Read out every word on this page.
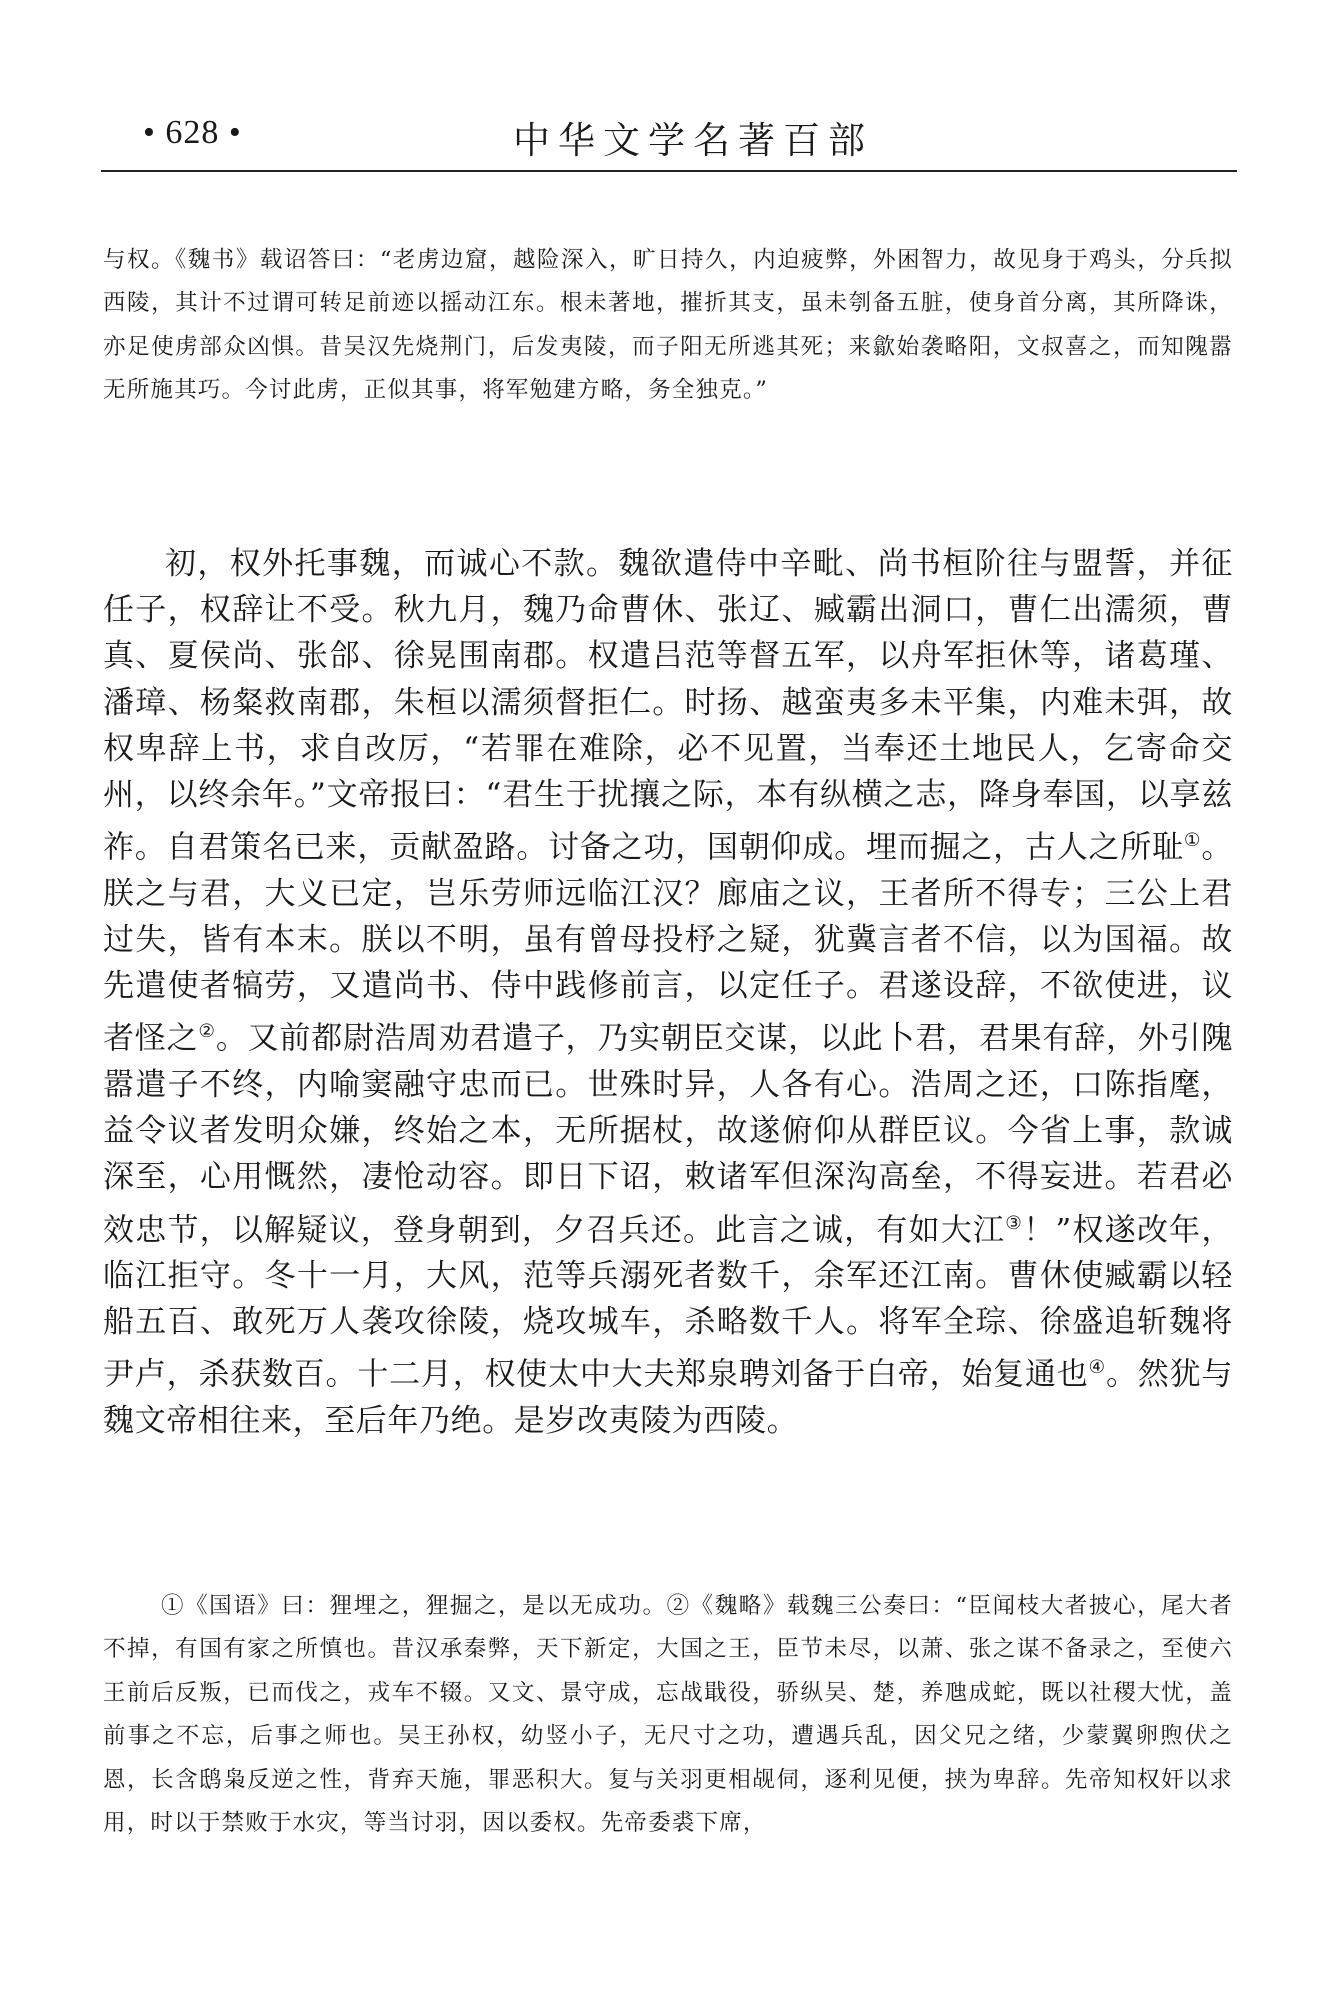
• 628 •	中华文学名著百部

与权。《魏书》载诏答曰：“老虏边窟，越险深入，旷日持久，内迫疲弊，外困智力，故见身于鸡头，分兵拟西陵，其计不过谓可转足前迹以摇动江东。根未著地，摧折其支，虽未刳备五脏，使身首分离，其所降诛，亦足使虏部众凶惧。昔吴汉先烧荆门，后发夷陵，而子阳无所逃其死；来歙始袭略阳，文叔喜之，而知隗嚣无所施其巧。今讨此虏，正似其事，将军勉建方略，务全独克。”

初，权外托事魏，而诚心不款。魏欲遣侍中辛毗、尚书桓阶往与盟誓，并征任子，权辞让不受。秋九月，魏乃命曹休、张辽、臧霸出洞口，曹仁出濡须，曹真、夏侯尚、张郃、徐晃围南郡。权遣吕范等督五军，以舟军拒休等，诸葛瑾、潘璋、杨粲救南郡，朱桓以濡须督拒仁。时扬、越蛮夷多未平集，内难未弭，故权卑辞上书，求自改厉，“若罪在难除，必不见置，当奉还土地民人，乞寄命交州，以终余年。”文帝报曰：“君生于扰攘之际，本有纵横之志，降身奉国，以享兹祚。自君策名已来，贡献盈路。讨备之功，国朝仰成。埋而掘之，古人之所耻①。朕之与君，大义已定，岂乐劳师远临江汉？廊庙之议，王者所不得专；三公上君过失，皆有本末。朕以不明，虽有曾母投杼之疑，犹冀言者不信，以为国福。故先遣使者犒劳，又遣尚书、侍中践修前言，以定任子。君遂设辞，不欲使进，议者怪之②。又前都尉浩周劝君遣子，乃实朝臣交谋，以此卜君，君果有辞，外引隗嚣遣子不终，内喻窦融守忠而已。世殊时异，人各有心。浩周之还，口陈指麾，益令议者发明众嫌，终始之本，无所据杖，故遂俯仰从群臣议。今省上事，款诚深至，心用慨然，凄怆动容。即日下诏，敕诸军但深沟高垒，不得妄进。若君必效忠节，以解疑议，登身朝到，夕召兵还。此言之诚，有如大江③！”权遂改年，临江拒守。冬十一月，大风，范等兵溺死者数千，余军还江南。曹休使臧霸以轻船五百、敢死万人袭攻徐陵，烧攻城车，杀略数千人。将军全琮、徐盛追斩魏将尹卢，杀获数百。十二月，权使太中大夫郑泉聘刘备于白帝，始复通也④。然犹与魏文帝相往来，至后年乃绝。是岁改夷陵为西陵。

①《国语》曰：狸埋之，狸掘之，是以无成功。②《魏略》载魏三公奏曰：“臣闻枝大者披心，尾大者不掉，有国有家之所慎也。昔汉承秦弊，天下新定，大国之王，臣节未尽，以萧、张之谋不备录之，至使六王前后反叛，已而伐之，戎车不辍。又文、景守成，忘战戢役，骄纵吴、楚，养虺成蛇，既以社稷大忧，盖前事之不忘，后事之师也。吴王孙权，幼竖小子，无尺寸之功，遭遇兵乱，因父兄之绪，少蒙翼卵煦伏之恩，长含鸱枭反逆之性，背弃天施，罪恶积大。复与关羽更相觇伺，逐利见便，挟为卑辞。先帝知权奸以求用，时以于禁败于水灾，等当讨羽，因以委权。先帝委裘下席，
